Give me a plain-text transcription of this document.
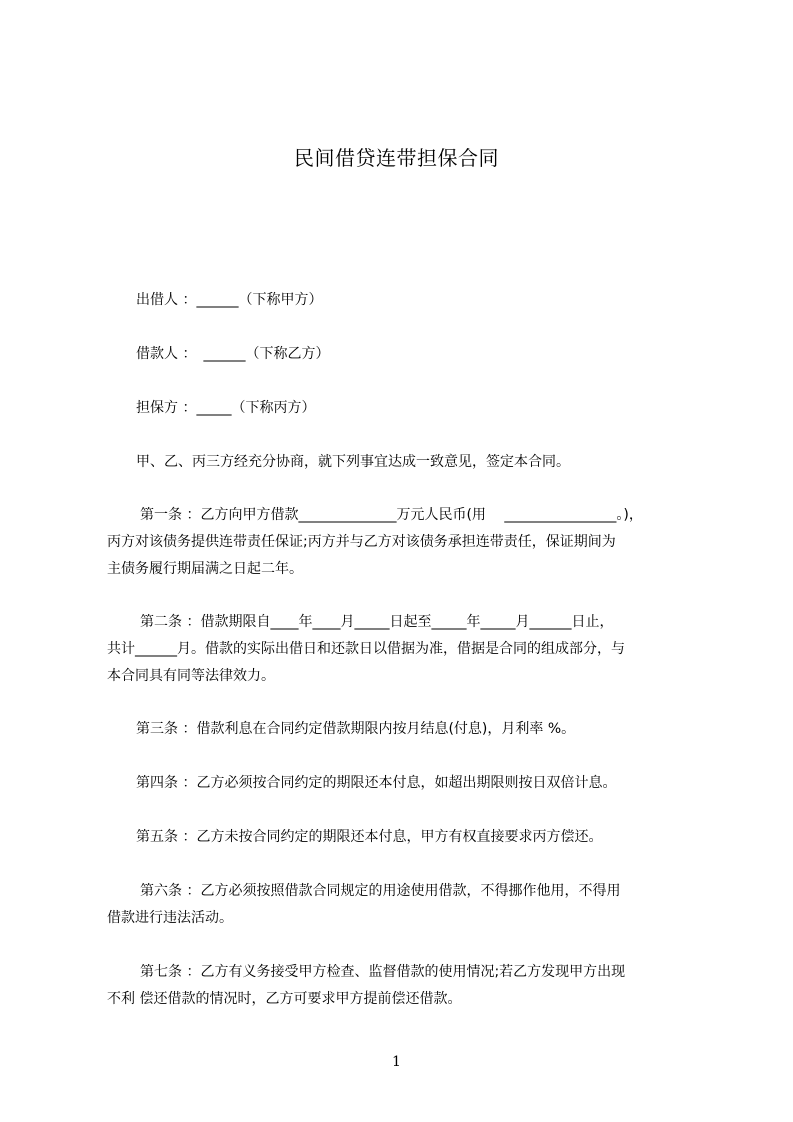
民间借贷连带担保合同
出借人 ：______（下称甲方）
借款人 ：　______（下称乙方）
担保方 ：_____（下称丙方）
甲、乙、丙三方经充分协商，就下列事宜达成一致意见，签定本合同。
第一条 ：乙方向甲方借款______________万元人民币(用　 ________________。)，
丙方对该债务提供连带责任保证;丙方并与乙方对该债务承担连带责任，保证期间为
主债务履行期届满之日起二年。
第二条 ：借款期限自____年____月_____日起至_____年_____月______日止，
共计______月。借款的实际出借日和还款日以借据为准，借据是合同的组成部分，与
本合同具有同等法律效力。
第三条 ：借款利息在合同约定借款期限内按月结息(付息)，月利率 %。
第四条 ：乙方必须按合同约定的期限还本付息，如超出期限则按日双倍计息。
第五条 ：乙方未按合同约定的期限还本付息，甲方有权直接要求丙方偿还。
第六条 ：乙方必须按照借款合同规定的用途使用借款，不得挪作他用，不得用
借款进行违法活动。
第七条 ：乙方有义务接受甲方检查、监督借款的使用情况;若乙方发现甲方出现
不利 偿还借款的情况时，乙方可要求甲方提前偿还借款。
1
